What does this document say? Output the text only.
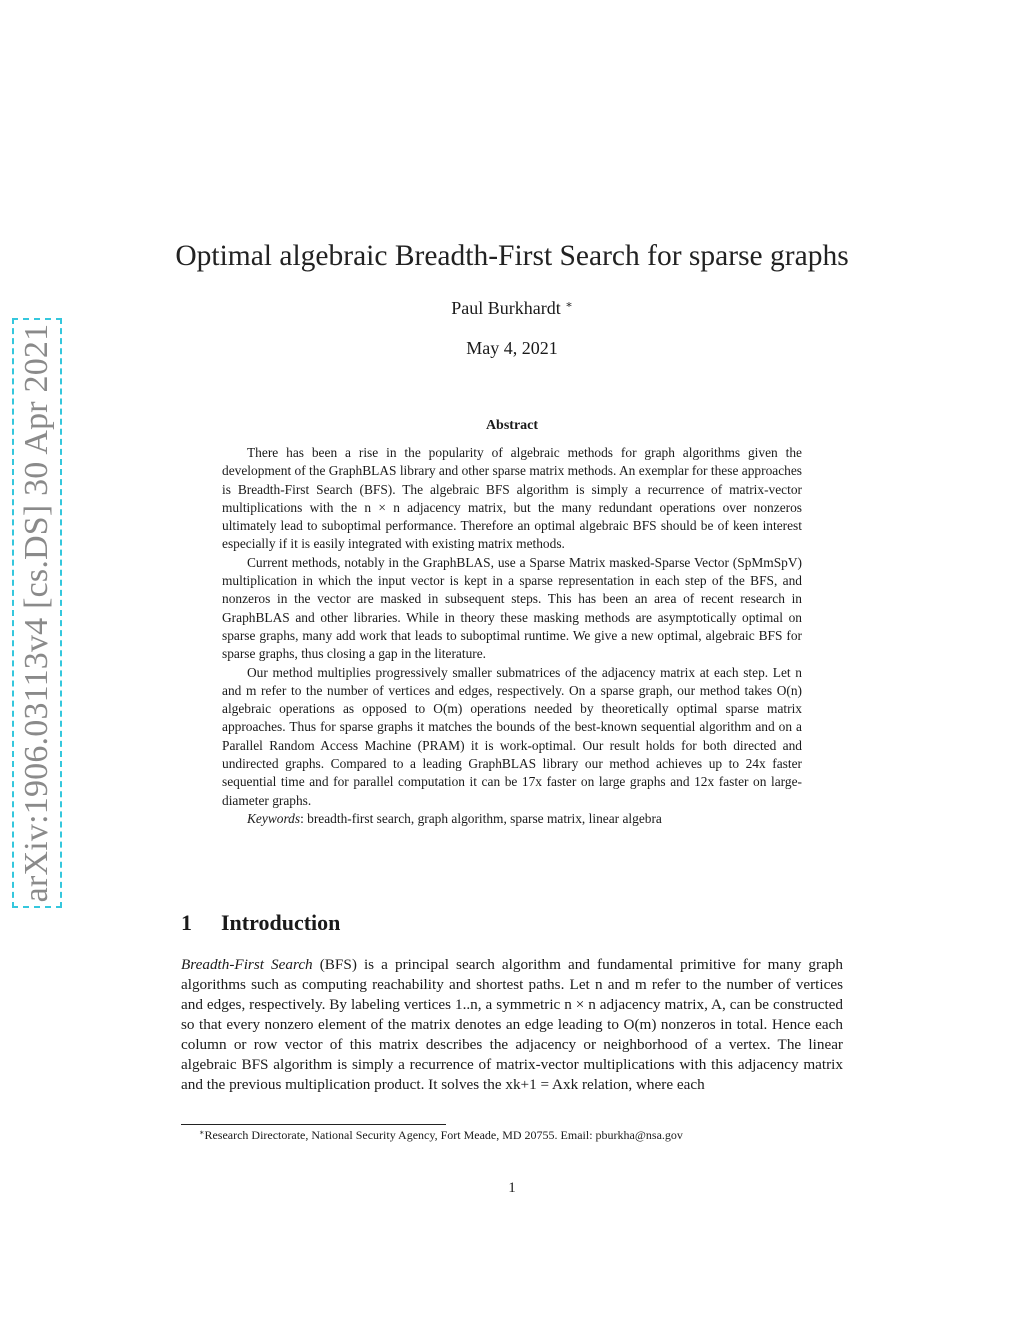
arXiv:1906.03113v4 [cs.DS] 30 Apr 2021
Optimal algebraic Breadth-First Search for sparse graphs
Paul Burkhardt ∗
May 4, 2021
Abstract

There has been a rise in the popularity of algebraic methods for graph algorithms given the development of the GraphBLAS library and other sparse matrix methods. An exemplar for these approaches is Breadth-First Search (BFS). The algebraic BFS algorithm is simply a recurrence of matrix-vector multiplications with the n × n adjacency matrix, but the many redundant operations over nonzeros ultimately lead to suboptimal performance. Therefore an optimal algebraic BFS should be of keen interest especially if it is easily integrated with existing matrix methods.

Current methods, notably in the GraphBLAS, use a Sparse Matrix masked-Sparse Vector (SpMmSpV) multiplication in which the input vector is kept in a sparse representation in each step of the BFS, and nonzeros in the vector are masked in subsequent steps. This has been an area of recent research in GraphBLAS and other libraries. While in theory these masking methods are asymptotically optimal on sparse graphs, many add work that leads to suboptimal runtime. We give a new optimal, algebraic BFS for sparse graphs, thus closing a gap in the literature.

Our method multiplies progressively smaller submatrices of the adjacency matrix at each step. Let n and m refer to the number of vertices and edges, respectively. On a sparse graph, our method takes O(n) algebraic operations as opposed to O(m) operations needed by theoretically optimal sparse matrix approaches. Thus for sparse graphs it matches the bounds of the best-known sequential algorithm and on a Parallel Random Access Machine (PRAM) it is work-optimal. Our result holds for both directed and undirected graphs. Compared to a leading GraphBLAS library our method achieves up to 24x faster sequential time and for parallel computation it can be 17x faster on large graphs and 12x faster on large-diameter graphs.

Keywords: breadth-first search, graph algorithm, sparse matrix, linear algebra

1 Introduction

Breadth-First Search (BFS) is a principal search algorithm and fundamental primitive for many graph algorithms such as computing reachability and shortest paths. Let n and m refer to the number of vertices and edges, respectively. By labeling vertices 1..n, a symmetric n × n adjacency matrix, A, can be constructed so that every nonzero element of the matrix denotes an edge leading to O(m) nonzeros in total. Hence each column or row vector of this matrix describes the adjacency or neighborhood of a vertex. The linear algebraic BFS algorithm is simply a recurrence of matrix-vector multiplications with this adjacency matrix and the previous multiplication product. It solves the xk+1 = Axk relation, where each

∗Research Directorate, National Security Agency, Fort Meade, MD 20755. Email: pburkha@nsa.gov
1
